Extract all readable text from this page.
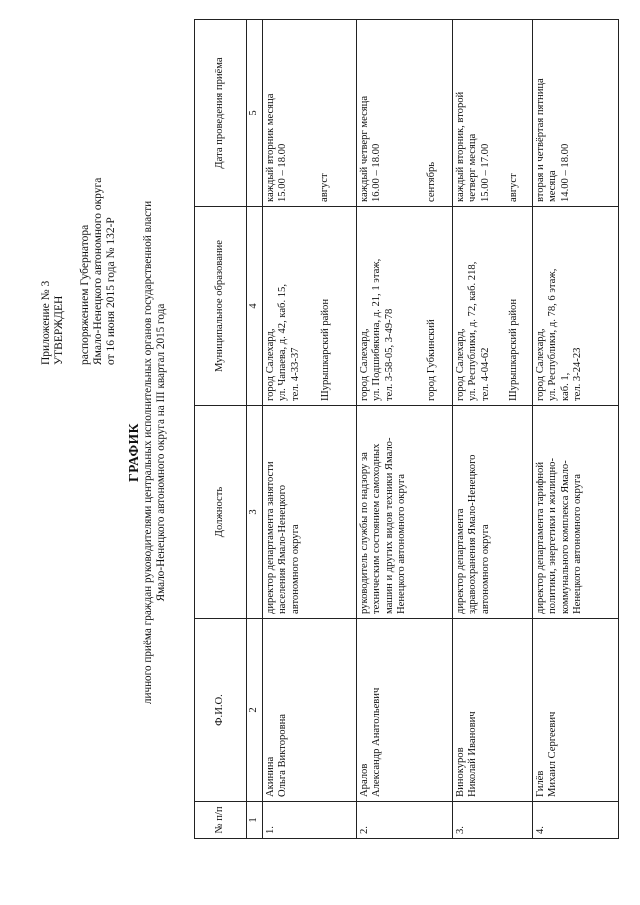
Приложение № 3 УТВЕРЖДЕН распоряжением Губернатора Ямало-Ненецкого автономного округа от 16 июня 2015 года № 132-Р
ГРАФИК личного приёма граждан руководителями центральных исполнительных органов государственной власти Ямало-Ненецкого автономного округа на III квартал 2015 года
№ п/п	Ф.И.О.	Должность	Муниципальное образование	Дата проведения приёма
1	2	3	4	5
1.	Акинина Ольга Викторовна	директор департамента занятости населения Ямало-Ненецкого автономного округа	город Салехард, ул. Чапаева, д. 42, каб. 15, тел. 4-33-37 Шурышкарский район	каждый вторник месяца 15.00 – 18.00 август

2.	Аралов Александр Анатольевич	руководитель службы по надзору за техническим состоянием самоходных машин и других видов техники Ямало- Ненецкого автономного округа	город Салехард, ул. Подшибякина, д. 21, 1 этаж, тел. 3-58-05, 3-49-78 город Губкинский	каждый четверг месяца 16.00 – 18.00 сентябрь

3.	Винокуров Николай Иванович	директор департамента здравоохранения Ямало-Ненецкого автономного округа	город Салехард, ул. Республики, д. 72, каб. 218, тел. 4-04-62 Шурышкарский район	каждый вторник, второй четверг месяца 15.00 – 17.00 август

4.	Гилёв Михаил Сергеевич	директор департамента тарифной политики, энергетики и жилищно- коммунального комплекса Ямало- Ненецкого автономного округа	город Салехард, ул. Республики, д. 78, 6 этаж, каб. 1, тел. 3-24-23	вторая и четвёртая пятница месяца 14.00 – 18.00
